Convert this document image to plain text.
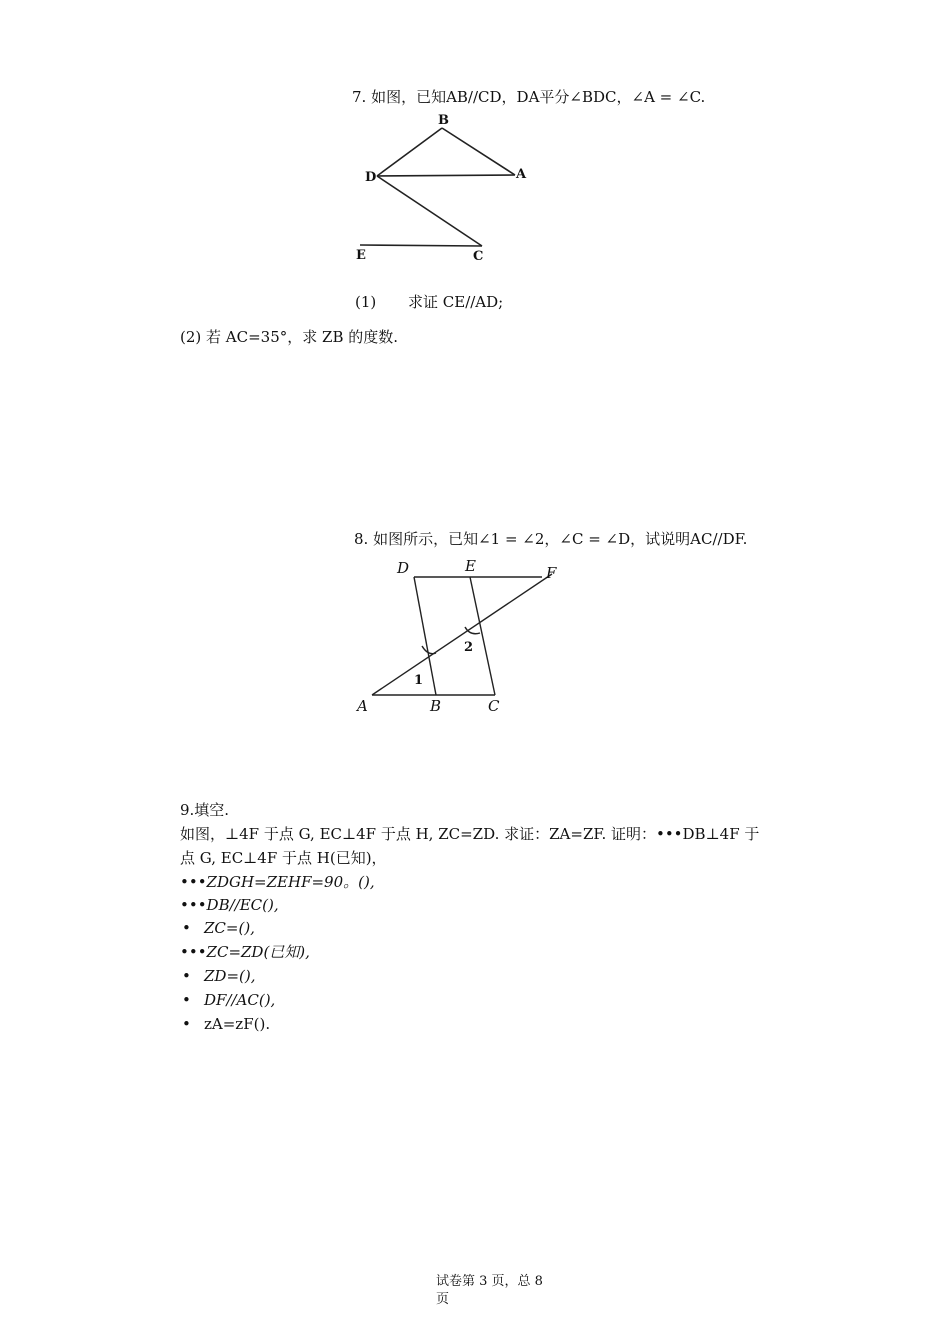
7. 如图，已知AB//CD，DA平分∠BDC，∠A = ∠C.
B
D	A
E	C
(1) 求证 CE//AD;
(2) 若 AC=35°，求 ZB 的度数.
8. 如图所示，已知∠1 = ∠2，∠C = ∠D，试说明AC//DF.
D	E	F
A	B	C
1
2
9.填空.
如图，⊥4F 于点 G, EC⊥4F 于点 H, ZC=ZD. 求证：ZA=ZF. 证明：•••DB⊥4F 于
点 G, EC⊥4F 于点 H(已知)，
•••ZDGH=ZEHF=90。(),
•••DB//EC(),
• ZC=(),
•••ZC=ZD(已知),
• ZD=(),
• DF//AC(),
• zA=zF().
试卷第 3 页，总 8
页
